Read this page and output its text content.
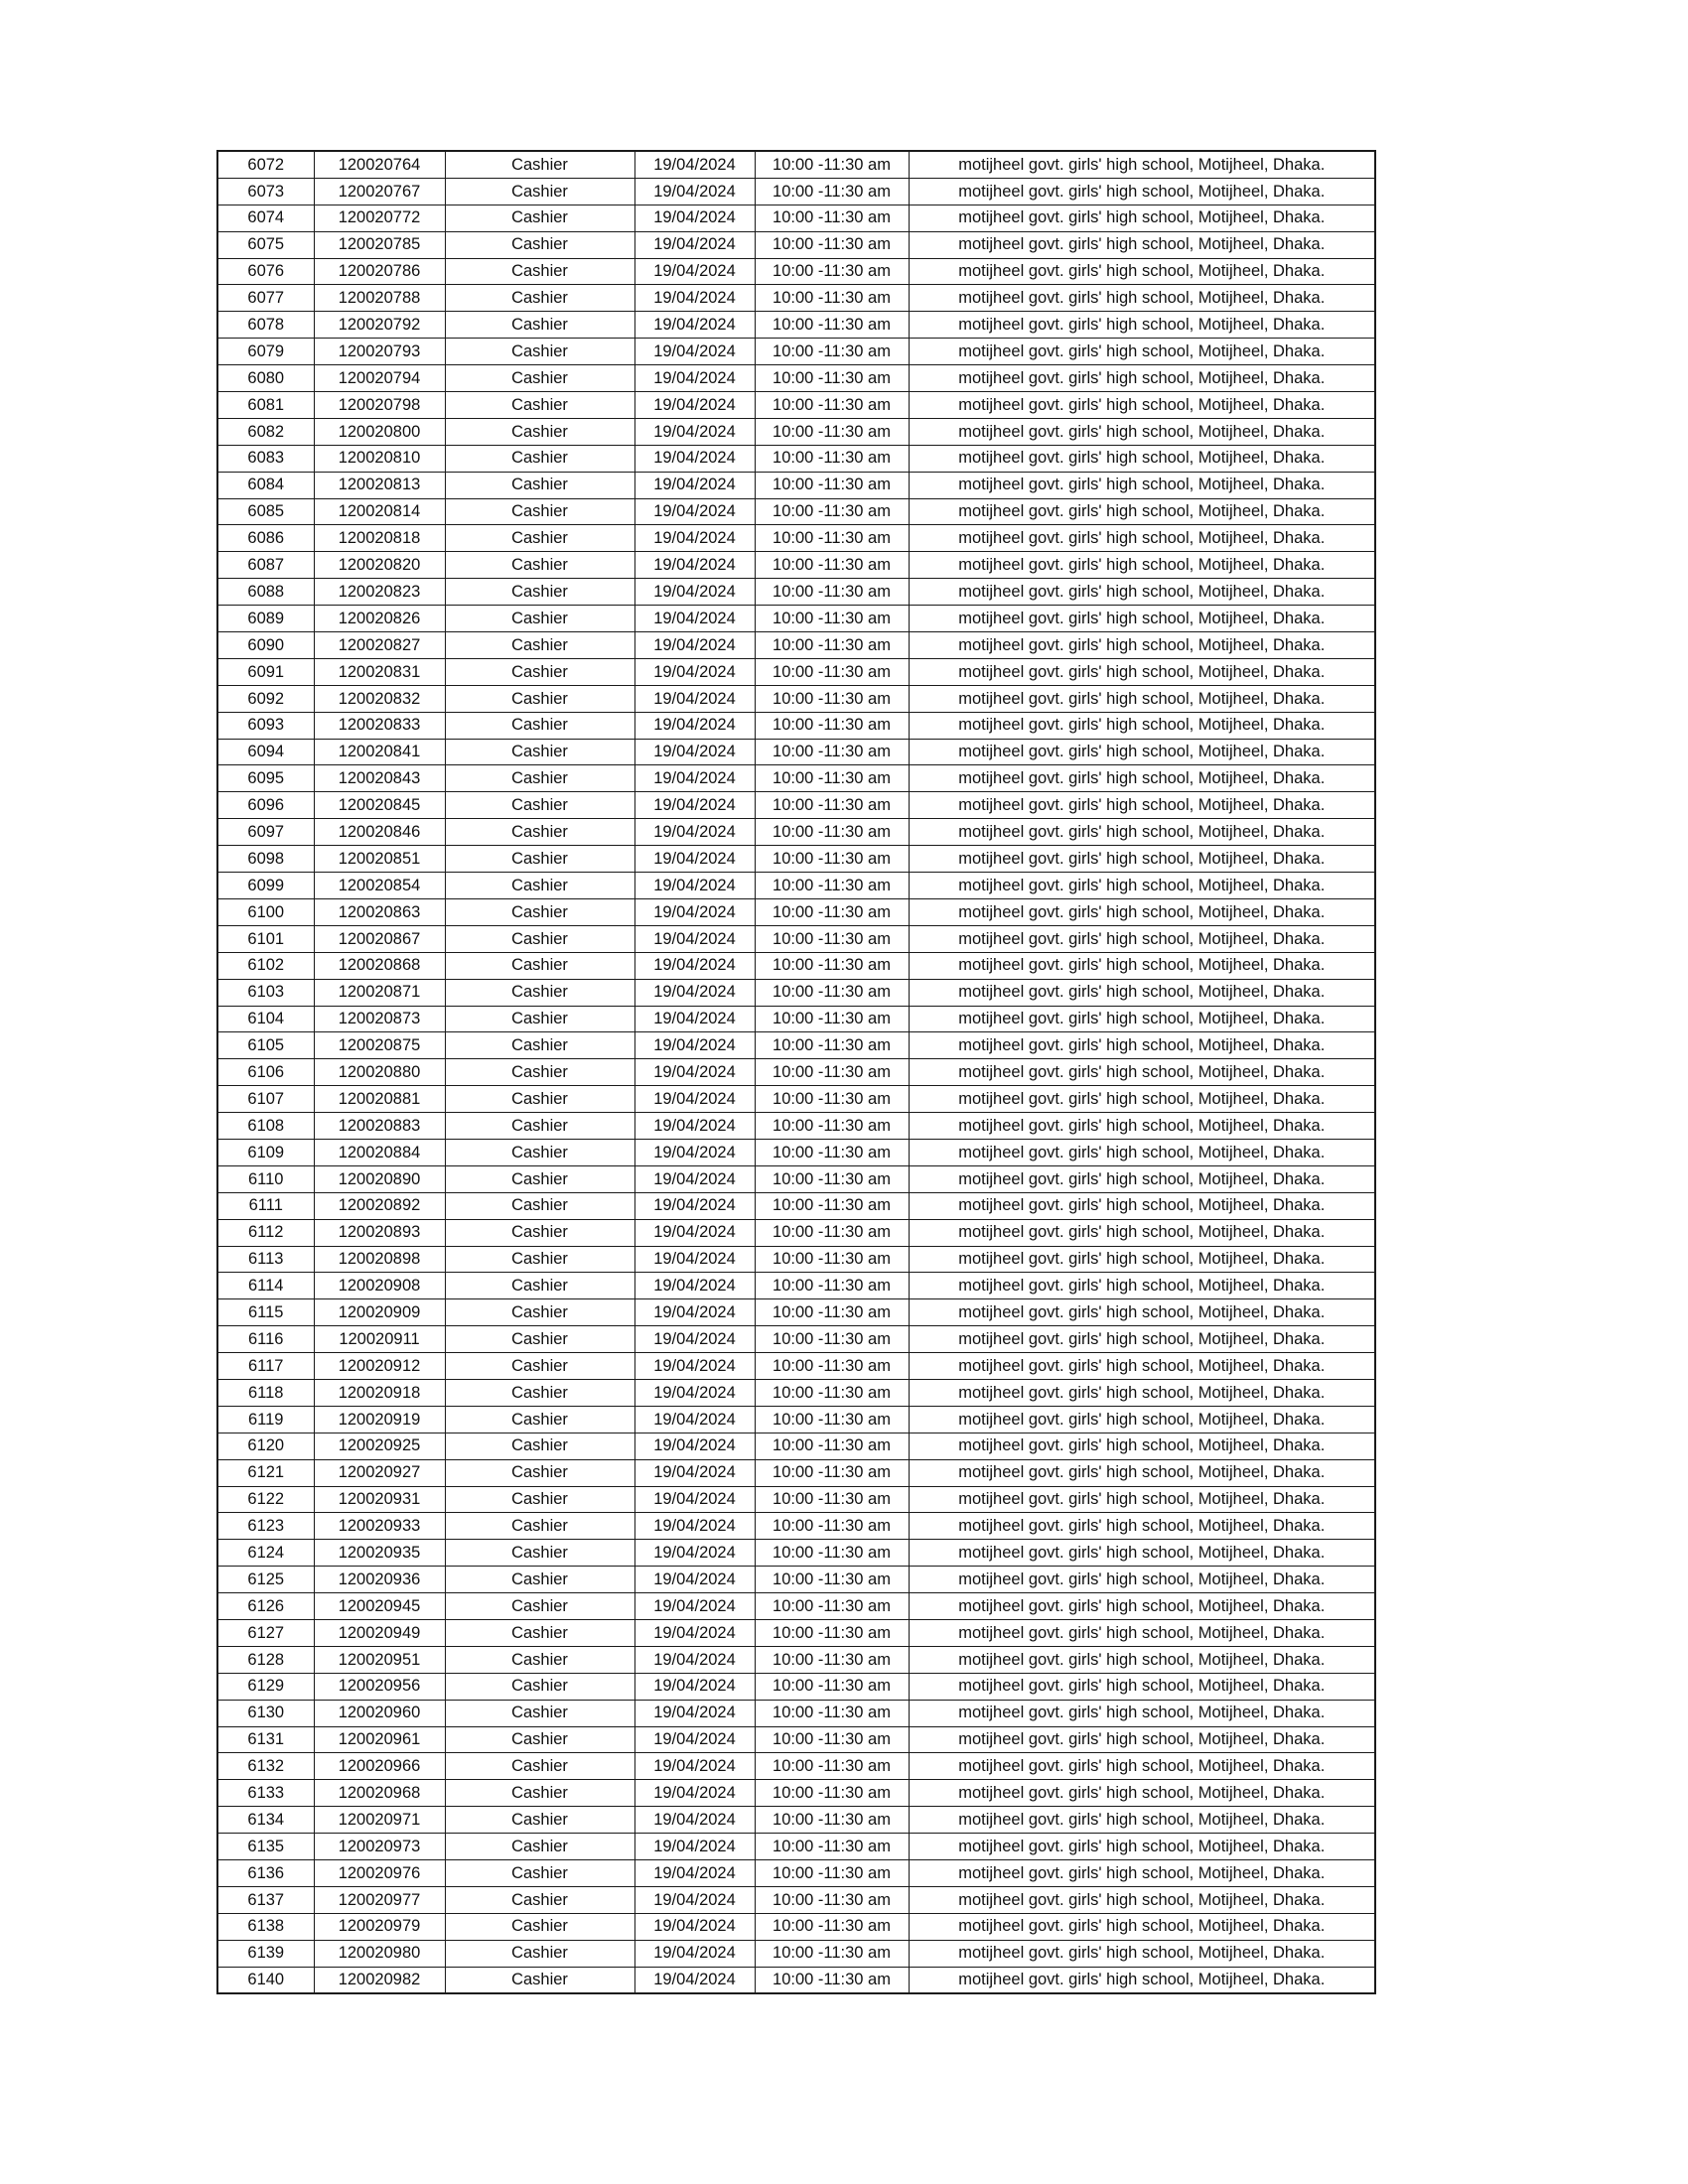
6072	120020764	Cashier	19/04/2024	10:00 -11:30 am	motijheel govt. girls' high school, Motijheel, Dhaka.
6073	120020767	Cashier	19/04/2024	10:00 -11:30 am	motijheel govt. girls' high school, Motijheel, Dhaka.
6074	120020772	Cashier	19/04/2024	10:00 -11:30 am	motijheel govt. girls' high school, Motijheel, Dhaka.
6075	120020785	Cashier	19/04/2024	10:00 -11:30 am	motijheel govt. girls' high school, Motijheel, Dhaka.
6076	120020786	Cashier	19/04/2024	10:00 -11:30 am	motijheel govt. girls' high school, Motijheel, Dhaka.
6077	120020788	Cashier	19/04/2024	10:00 -11:30 am	motijheel govt. girls' high school, Motijheel, Dhaka.
6078	120020792	Cashier	19/04/2024	10:00 -11:30 am	motijheel govt. girls' high school, Motijheel, Dhaka.
6079	120020793	Cashier	19/04/2024	10:00 -11:30 am	motijheel govt. girls' high school, Motijheel, Dhaka.
6080	120020794	Cashier	19/04/2024	10:00 -11:30 am	motijheel govt. girls' high school, Motijheel, Dhaka.
6081	120020798	Cashier	19/04/2024	10:00 -11:30 am	motijheel govt. girls' high school, Motijheel, Dhaka.
6082	120020800	Cashier	19/04/2024	10:00 -11:30 am	motijheel govt. girls' high school, Motijheel, Dhaka.
6083	120020810	Cashier	19/04/2024	10:00 -11:30 am	motijheel govt. girls' high school, Motijheel, Dhaka.
6084	120020813	Cashier	19/04/2024	10:00 -11:30 am	motijheel govt. girls' high school, Motijheel, Dhaka.
6085	120020814	Cashier	19/04/2024	10:00 -11:30 am	motijheel govt. girls' high school, Motijheel, Dhaka.
6086	120020818	Cashier	19/04/2024	10:00 -11:30 am	motijheel govt. girls' high school, Motijheel, Dhaka.
6087	120020820	Cashier	19/04/2024	10:00 -11:30 am	motijheel govt. girls' high school, Motijheel, Dhaka.
6088	120020823	Cashier	19/04/2024	10:00 -11:30 am	motijheel govt. girls' high school, Motijheel, Dhaka.
6089	120020826	Cashier	19/04/2024	10:00 -11:30 am	motijheel govt. girls' high school, Motijheel, Dhaka.
6090	120020827	Cashier	19/04/2024	10:00 -11:30 am	motijheel govt. girls' high school, Motijheel, Dhaka.
6091	120020831	Cashier	19/04/2024	10:00 -11:30 am	motijheel govt. girls' high school, Motijheel, Dhaka.
6092	120020832	Cashier	19/04/2024	10:00 -11:30 am	motijheel govt. girls' high school, Motijheel, Dhaka.
6093	120020833	Cashier	19/04/2024	10:00 -11:30 am	motijheel govt. girls' high school, Motijheel, Dhaka.
6094	120020841	Cashier	19/04/2024	10:00 -11:30 am	motijheel govt. girls' high school, Motijheel, Dhaka.
6095	120020843	Cashier	19/04/2024	10:00 -11:30 am	motijheel govt. girls' high school, Motijheel, Dhaka.
6096	120020845	Cashier	19/04/2024	10:00 -11:30 am	motijheel govt. girls' high school, Motijheel, Dhaka.
6097	120020846	Cashier	19/04/2024	10:00 -11:30 am	motijheel govt. girls' high school, Motijheel, Dhaka.
6098	120020851	Cashier	19/04/2024	10:00 -11:30 am	motijheel govt. girls' high school, Motijheel, Dhaka.
6099	120020854	Cashier	19/04/2024	10:00 -11:30 am	motijheel govt. girls' high school, Motijheel, Dhaka.
6100	120020863	Cashier	19/04/2024	10:00 -11:30 am	motijheel govt. girls' high school, Motijheel, Dhaka.
6101	120020867	Cashier	19/04/2024	10:00 -11:30 am	motijheel govt. girls' high school, Motijheel, Dhaka.
6102	120020868	Cashier	19/04/2024	10:00 -11:30 am	motijheel govt. girls' high school, Motijheel, Dhaka.
6103	120020871	Cashier	19/04/2024	10:00 -11:30 am	motijheel govt. girls' high school, Motijheel, Dhaka.
6104	120020873	Cashier	19/04/2024	10:00 -11:30 am	motijheel govt. girls' high school, Motijheel, Dhaka.
6105	120020875	Cashier	19/04/2024	10:00 -11:30 am	motijheel govt. girls' high school, Motijheel, Dhaka.
6106	120020880	Cashier	19/04/2024	10:00 -11:30 am	motijheel govt. girls' high school, Motijheel, Dhaka.
6107	120020881	Cashier	19/04/2024	10:00 -11:30 am	motijheel govt. girls' high school, Motijheel, Dhaka.
6108	120020883	Cashier	19/04/2024	10:00 -11:30 am	motijheel govt. girls' high school, Motijheel, Dhaka.
6109	120020884	Cashier	19/04/2024	10:00 -11:30 am	motijheel govt. girls' high school, Motijheel, Dhaka.
6110	120020890	Cashier	19/04/2024	10:00 -11:30 am	motijheel govt. girls' high school, Motijheel, Dhaka.
6111	120020892	Cashier	19/04/2024	10:00 -11:30 am	motijheel govt. girls' high school, Motijheel, Dhaka.
6112	120020893	Cashier	19/04/2024	10:00 -11:30 am	motijheel govt. girls' high school, Motijheel, Dhaka.
6113	120020898	Cashier	19/04/2024	10:00 -11:30 am	motijheel govt. girls' high school, Motijheel, Dhaka.
6114	120020908	Cashier	19/04/2024	10:00 -11:30 am	motijheel govt. girls' high school, Motijheel, Dhaka.
6115	120020909	Cashier	19/04/2024	10:00 -11:30 am	motijheel govt. girls' high school, Motijheel, Dhaka.
6116	120020911	Cashier	19/04/2024	10:00 -11:30 am	motijheel govt. girls' high school, Motijheel, Dhaka.
6117	120020912	Cashier	19/04/2024	10:00 -11:30 am	motijheel govt. girls' high school, Motijheel, Dhaka.
6118	120020918	Cashier	19/04/2024	10:00 -11:30 am	motijheel govt. girls' high school, Motijheel, Dhaka.
6119	120020919	Cashier	19/04/2024	10:00 -11:30 am	motijheel govt. girls' high school, Motijheel, Dhaka.
6120	120020925	Cashier	19/04/2024	10:00 -11:30 am	motijheel govt. girls' high school, Motijheel, Dhaka.
6121	120020927	Cashier	19/04/2024	10:00 -11:30 am	motijheel govt. girls' high school, Motijheel, Dhaka.
6122	120020931	Cashier	19/04/2024	10:00 -11:30 am	motijheel govt. girls' high school, Motijheel, Dhaka.
6123	120020933	Cashier	19/04/2024	10:00 -11:30 am	motijheel govt. girls' high school, Motijheel, Dhaka.
6124	120020935	Cashier	19/04/2024	10:00 -11:30 am	motijheel govt. girls' high school, Motijheel, Dhaka.
6125	120020936	Cashier	19/04/2024	10:00 -11:30 am	motijheel govt. girls' high school, Motijheel, Dhaka.
6126	120020945	Cashier	19/04/2024	10:00 -11:30 am	motijheel govt. girls' high school, Motijheel, Dhaka.
6127	120020949	Cashier	19/04/2024	10:00 -11:30 am	motijheel govt. girls' high school, Motijheel, Dhaka.
6128	120020951	Cashier	19/04/2024	10:00 -11:30 am	motijheel govt. girls' high school, Motijheel, Dhaka.
6129	120020956	Cashier	19/04/2024	10:00 -11:30 am	motijheel govt. girls' high school, Motijheel, Dhaka.
6130	120020960	Cashier	19/04/2024	10:00 -11:30 am	motijheel govt. girls' high school, Motijheel, Dhaka.
6131	120020961	Cashier	19/04/2024	10:00 -11:30 am	motijheel govt. girls' high school, Motijheel, Dhaka.
6132	120020966	Cashier	19/04/2024	10:00 -11:30 am	motijheel govt. girls' high school, Motijheel, Dhaka.
6133	120020968	Cashier	19/04/2024	10:00 -11:30 am	motijheel govt. girls' high school, Motijheel, Dhaka.
6134	120020971	Cashier	19/04/2024	10:00 -11:30 am	motijheel govt. girls' high school, Motijheel, Dhaka.
6135	120020973	Cashier	19/04/2024	10:00 -11:30 am	motijheel govt. girls' high school, Motijheel, Dhaka.
6136	120020976	Cashier	19/04/2024	10:00 -11:30 am	motijheel govt. girls' high school, Motijheel, Dhaka.
6137	120020977	Cashier	19/04/2024	10:00 -11:30 am	motijheel govt. girls' high school, Motijheel, Dhaka.
6138	120020979	Cashier	19/04/2024	10:00 -11:30 am	motijheel govt. girls' high school, Motijheel, Dhaka.
6139	120020980	Cashier	19/04/2024	10:00 -11:30 am	motijheel govt. girls' high school, Motijheel, Dhaka.
6140	120020982	Cashier	19/04/2024	10:00 -11:30 am	motijheel govt. girls' high school, Motijheel, Dhaka.
